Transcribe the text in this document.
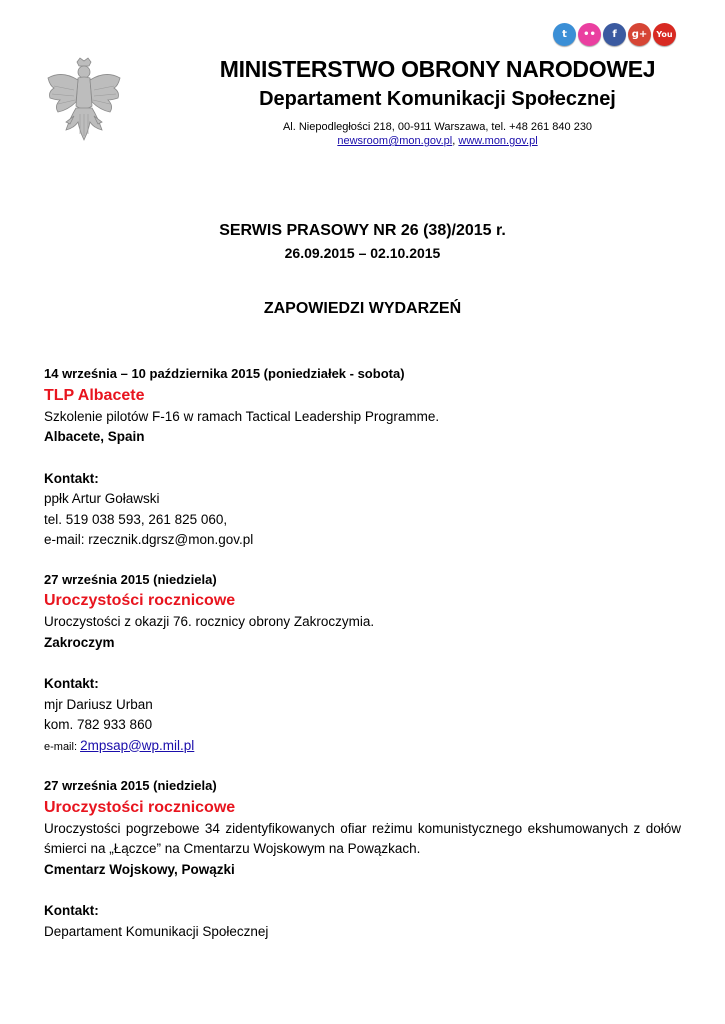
t	••	f	g+	You
MINISTERSTWO OBRONY NARODOWEJ
Departament Komunikacji Społecznej
Al. Niepodległości 218, 00-911 Warszawa, tel. +48 261 840 230
newsroom@mon.gov.pl, www.mon.gov.pl
SERWIS PRASOWY NR 26 (38)/2015 r.
26.09.2015 – 02.10.2015
ZAPOWIEDZI WYDARZEŃ
14 września – 10 października 2015 (poniedziałek - sobota)
TLP Albacete
Szkolenie pilotów F-16 w ramach Tactical Leadership Programme.
Albacete, Spain
Kontakt:
ppłk Artur Goławski
tel. 519 038 593, 261 825 060,
e-mail: rzecznik.dgrsz@mon.gov.pl
27 września 2015 (niedziela)
Uroczystości rocznicowe
Uroczystości z okazji 76. rocznicy obrony Zakroczymia.
Zakroczym
Kontakt:
mjr Dariusz Urban
kom. 782 933 860
e-mail: 2mpsap@wp.mil.pl
27 września 2015 (niedziela)
Uroczystości rocznicowe
Uroczystości pogrzebowe 34 zidentyfikowanych ofiar reżimu komunistycznego ekshumowanych z dołów śmierci na „Łączce” na Cmentarzu Wojskowym na Powązkach.
Cmentarz Wojskowy, Powązki
Kontakt:
Departament Komunikacji Społecznej
